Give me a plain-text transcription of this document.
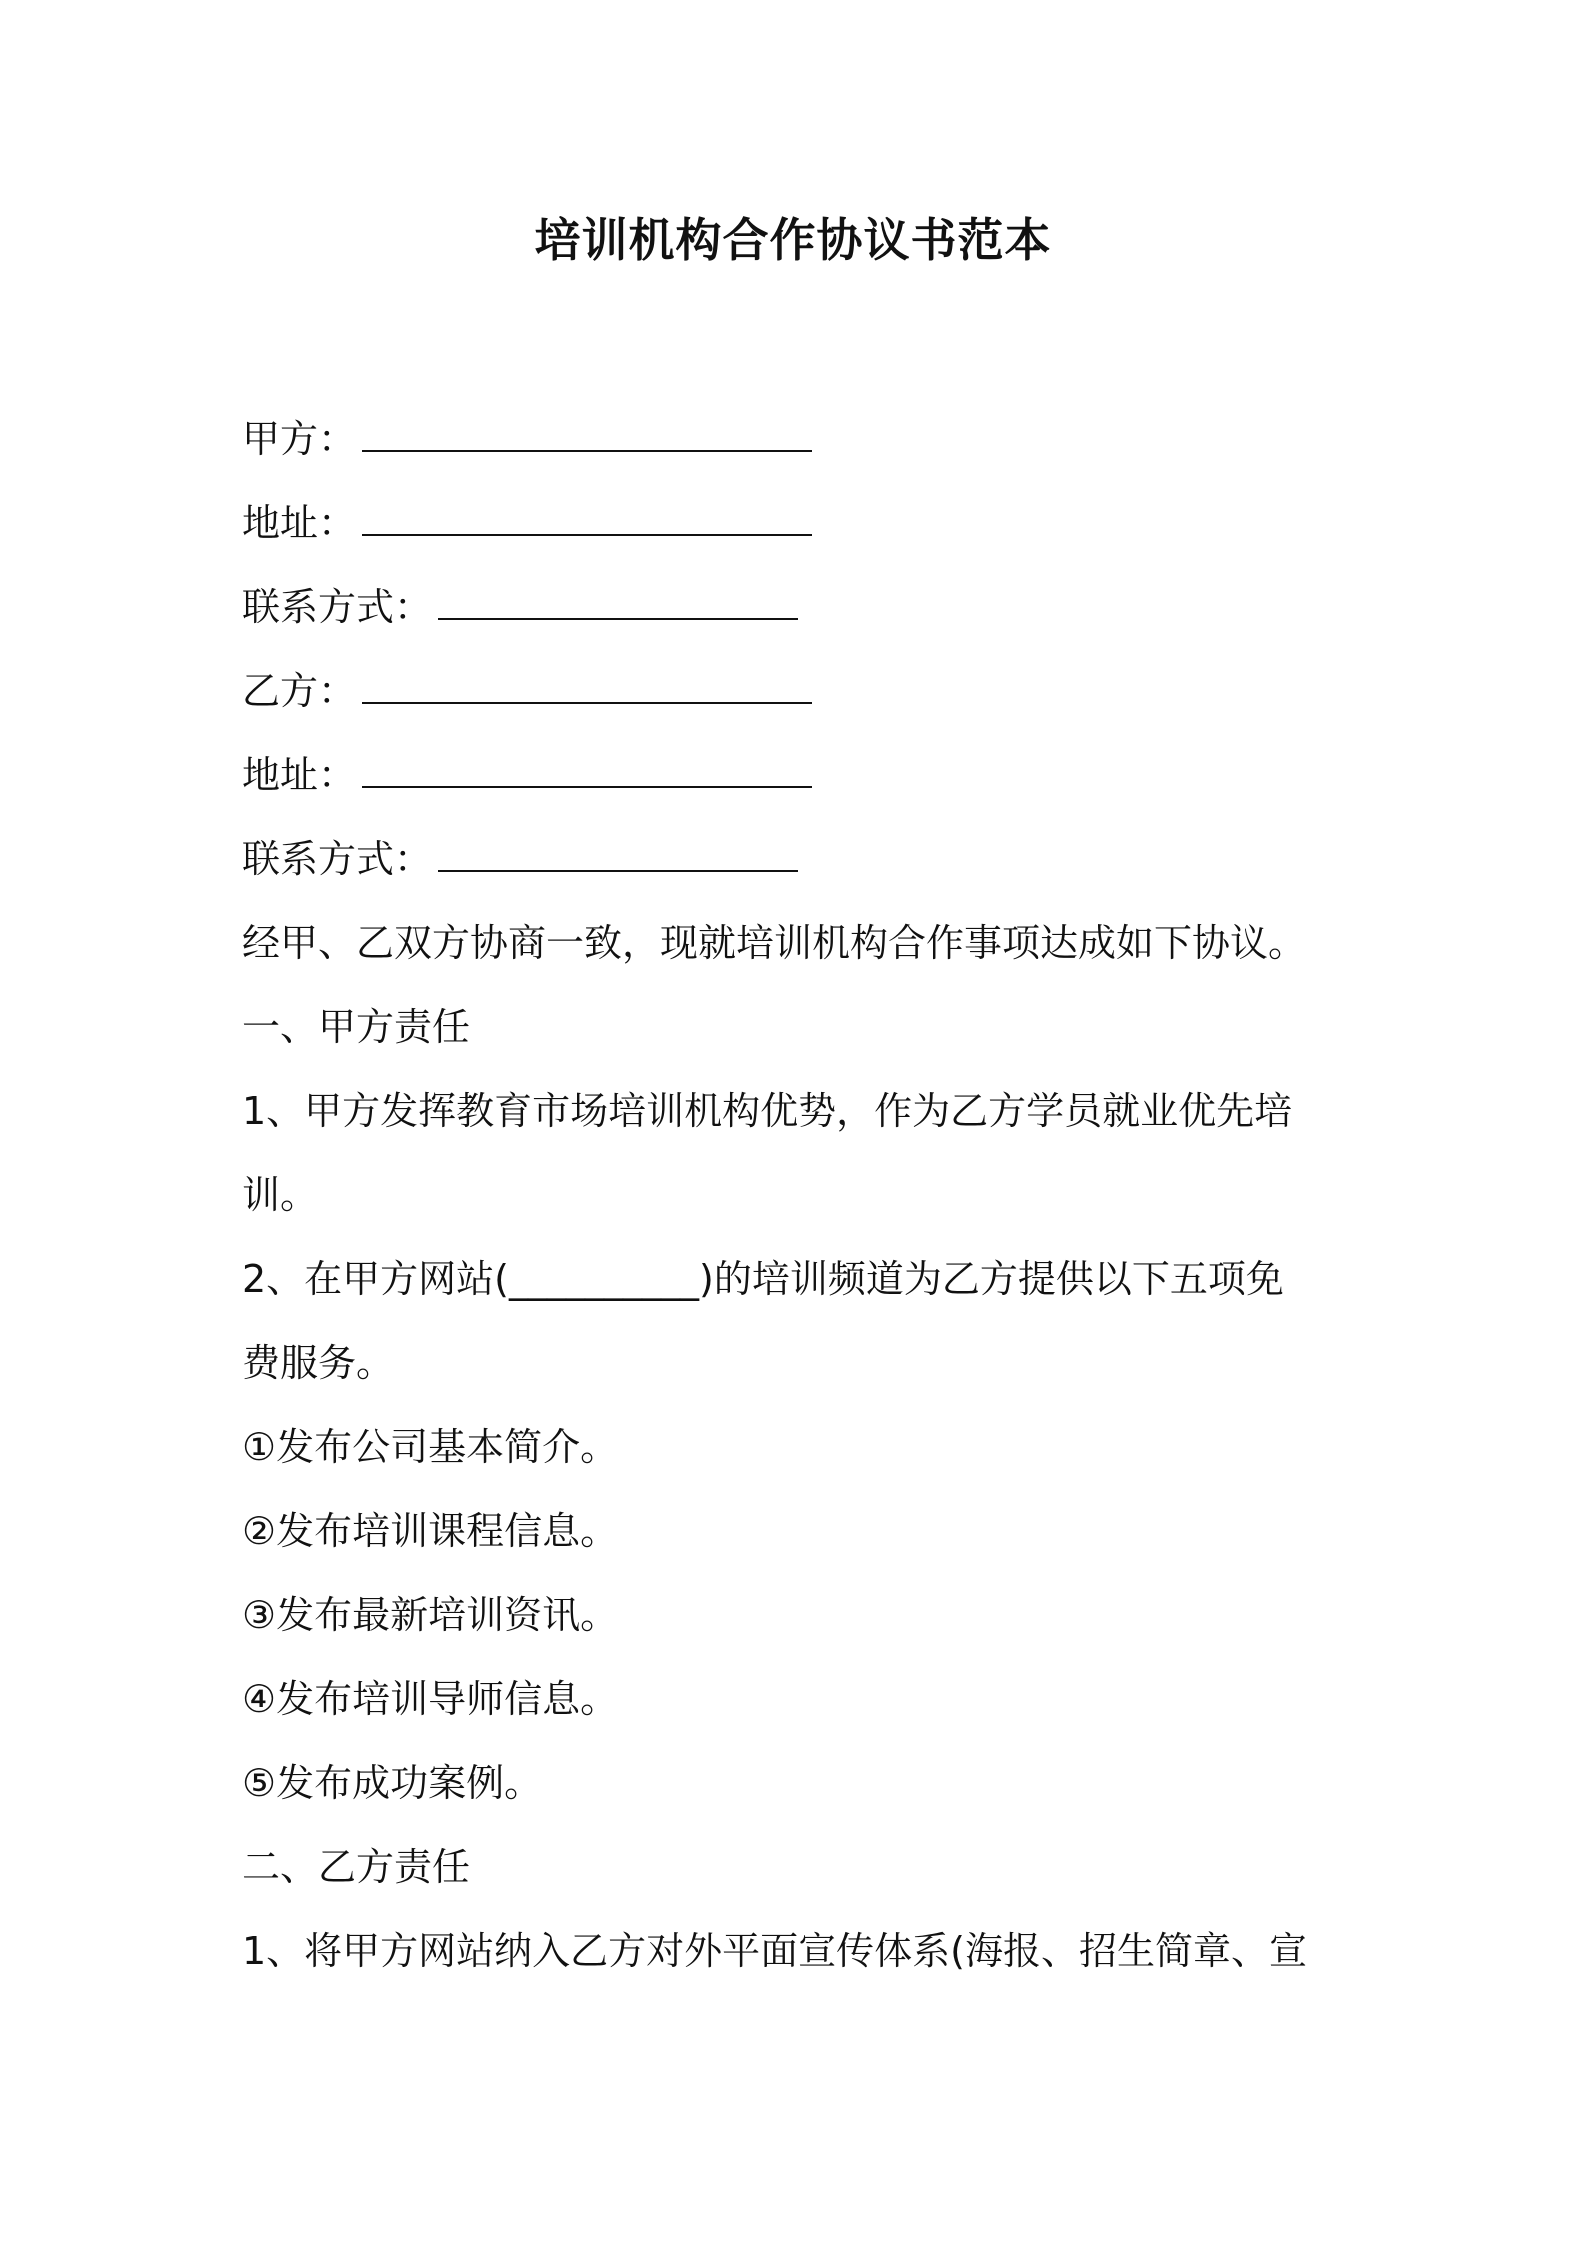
培训机构合作协议书范本
甲方：
地址：
联系方式：
乙方：
地址：
联系方式：
经甲、乙双方协商一致，现就培训机构合作事项达成如下协议。
一、甲方责任
1、甲方发挥教育市场培训机构优势，作为乙方学员就业优先培
训。
2、在甲方网站(__________)的培训频道为乙方提供以下五项免
费服务。
①发布公司基本简介。
②发布培训课程信息。
③发布最新培训资讯。
④发布培训导师信息。
⑤发布成功案例。
二、乙方责任
1、将甲方网站纳入乙方对外平面宣传体系(海报、招生简章、宣
